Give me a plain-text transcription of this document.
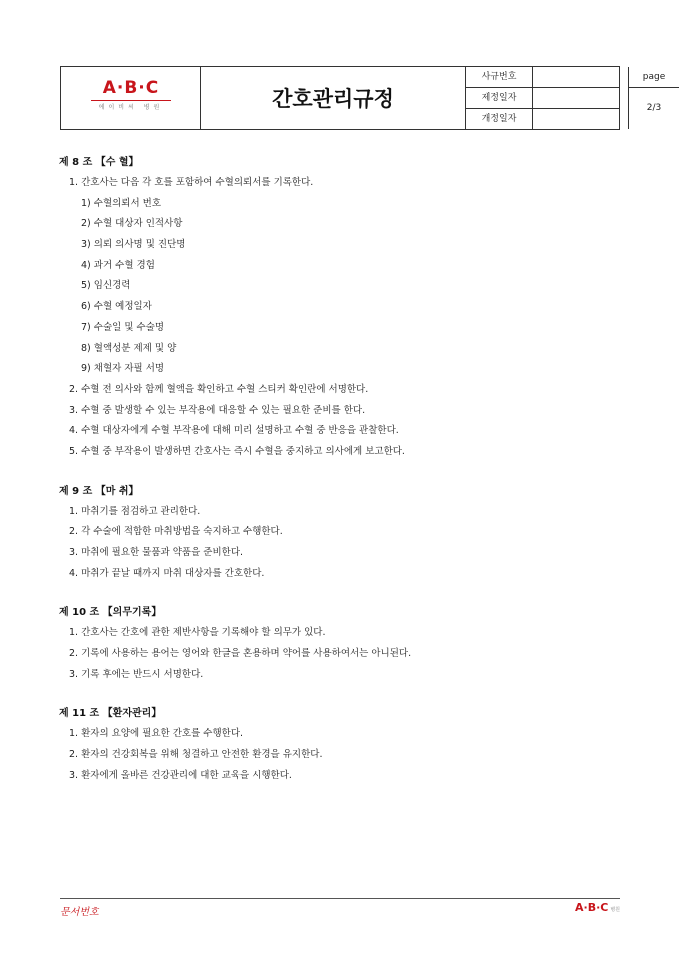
A·B·C
에이비씨 병원	간호관리규정
사규번호
제정일자
개정일자
page
2/3
제 8 조 【수 혈】
1. 간호사는 다음 각 호를 포함하여 수혈의뢰서를 기록한다.
1) 수혈의뢰서 번호
2) 수혈 대상자 인적사항
3) 의뢰 의사명 및 진단명
4) 과거 수혈 경험
5) 임신경력
6) 수혈 예정일자
7) 수술일 및 수술명
8) 혈액성분 제제 및 양
9) 채혈자 자필 서명
2. 수혈 전 의사와 함께 혈액을 확인하고 수혈 스티커 확인란에 서명한다.
3. 수혈 중 발생할 수 있는 부작용에 대응할 수 있는 필요한 준비를 한다.
4. 수혈 대상자에게 수혈 부작용에 대해 미리 설명하고 수혈 중 반응을 관찰한다.
5. 수혈 중 부작용이 발생하면 간호사는 즉시 수혈을 중지하고 의사에게 보고한다.
제 9 조 【마 취】
1. 마취기를 점검하고 관리한다.
2. 각 수술에 적합한 마취방법을 숙지하고 수행한다.
3. 마취에 필요한 물품과 약품을 준비한다.
4. 마취가 끝날 때까지 마취 대상자를 간호한다.
제 10 조 【의무기록】
1. 간호사는 간호에 관한 제반사항을 기록해야 할 의무가 있다.
2. 기록에 사용하는 용어는 영어와 한글을 혼용하며 약어를 사용하여서는 아니된다.
3. 기록 후에는 반드시 서명한다.
제 11 조 【환자관리】
1. 환자의 요양에 필요한 간호를 수행한다.
2. 환자의 건강회복을 위해 청결하고 안전한 환경을 유지한다.
3. 환자에게 올바른 건강관리에 대한 교육을 시행한다.
문서번호	A·B·C 병원
